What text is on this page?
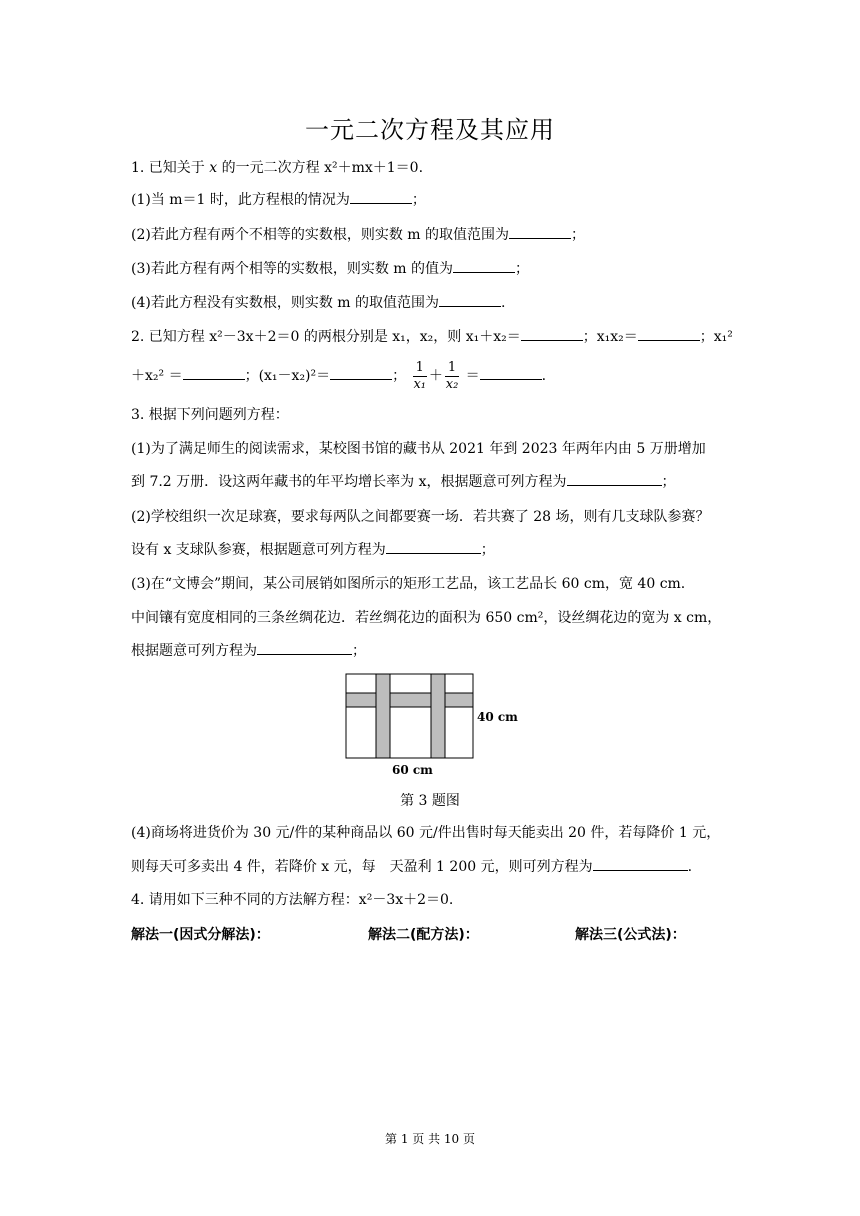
一元二次方程及其应用
1. 已知关于 x 的一元二次方程 x²＋mx＋1＝0.
(1)当 m＝1 时，此方程根的情况为	；
(2)若此方程有两个不相等的实数根，则实数 m 的取值范围为	；
(3)若此方程有两个相等的实数根，则实数 m 的值为	；
(4)若此方程没有实数根，则实数 m 的取值范围为	.
2. 已知方程 x²－3x＋2＝0 的两根分别是 x₁，x₂，则 x₁＋x₂＝	；x₁x₂＝	；x₁²
＋x₂² ＝	；(x₁－x₂)²＝	； $\frac{1}{\text{x₁}} + \frac{1}{\text{x₂}}$ ＝	.
3. 根据下列问题列方程：
(1)为了满足师生的阅读需求，某校图书馆的藏书从 2021 年到 2023 年两年内由 5 万册增加
到 7.2 万册．设这两年藏书的年平均增长率为 x，根据题意可列方程为	；
(2)学校组织一次足球赛，要求每两队之间都要赛一场．若共赛了 28 场，则有几支球队参赛？
设有 x 支球队参赛，根据题意可列方程为	；
(3)在“文博会”期间，某公司展销如图所示的矩形工艺品，该工艺品长 60 cm，宽 40 cm.
中间镶有宽度相同的三条丝绸花边．若丝绸花边的面积为 650 cm²，设丝绸花边的宽为 x cm，
根据题意可列方程为	；
40 cm
60 cm
第 3 题图
(4)商场将进货价为 30 元/件的某种商品以 60 元/件出售时每天能卖出 20 件，若每降价 1 元，
则每天可多卖出 4 件，若降价 x 元，每　天盈利 1 200 元，则可列方程为	.
4. 请用如下三种不同的方法解方程：x²－3x＋2＝0.
解法一(因式分解法)：	解法二(配方法)：	解法三(公式法)：
第 1 页 共 10 页
